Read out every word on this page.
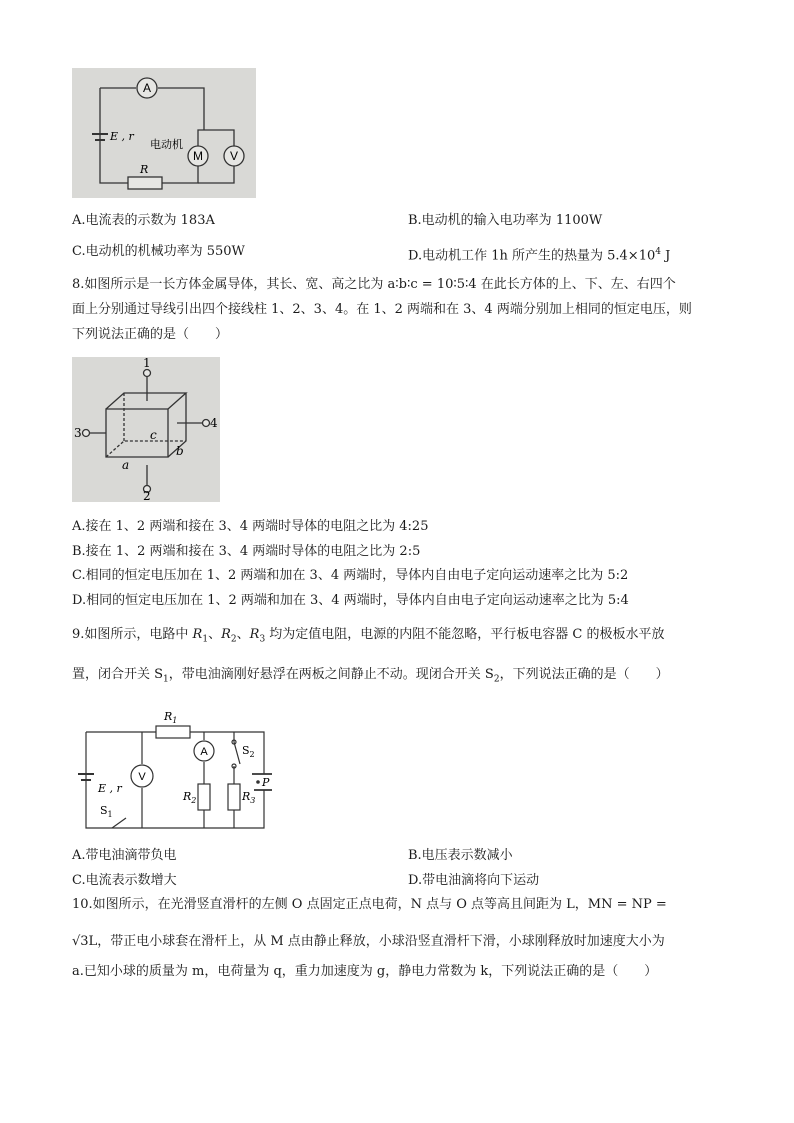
A
M V
E , r
R
电动机
A.电流表的示数为 183A	B.电动机的输入电功率为 1100W
C.电动机的机械功率为 550W	D.电动机工作 1h 所产生的热量为 $5.4\times 10^4$ J
8.如图所示是一长方体金属导体，其长、宽、高之比为 a∶b∶c = 10∶5∶4 在此长方体的上、下、左、右四个
面上分别通过导线引出四个接线柱 1、2、3、4。在 1、2 两端和在 3、4 两端分别加上相同的恒定电压，则
下列说法正确的是（　　）
1
2
3
4
a
b
c
A.接在 1、2 两端和接在 3、4 两端时导体的电阻之比为 4:25
B.接在 1、2 两端和接在 3、4 两端时导体的电阻之比为 2:5
C.相同的恒定电压加在 1、2 两端和加在 3、4 两端时，导体内自由电子定向运动速率之比为 5:2
D.相同的恒定电压加在 1、2 两端和加在 3、4 两端时，导体内自由电子定向运动速率之比为 5:4
9.如图所示，电路中 $R_1$、$R_2$、$R_3$ 均为定值电阻，电源的内阻不能忽略，平行板电容器 C 的极板水平放
置，闭合开关 $S_1$，带电油滴刚好悬浮在两板之间静止不动。现闭合开关 $S_2$，下列说法正确的是（　　）
$R_1$
A
V
$R_2$	$R_3$
E , r
$S_1$
$S_2$
P
A.带电油滴带负电	B.电压表示数减小
C.电流表示数增大	D.带电油滴将向下运动
10.如图所示，在光滑竖直滑杆的左侧 O 点固定正点电荷，N 点与 O 点等高且间距为 L，MN = NP =
√3L，带正电小球套在滑杆上，从 M 点由静止释放，小球沿竖直滑杆下滑，小球刚释放时加速度大小为
a.已知小球的质量为 m，电荷量为 q，重力加速度为 g，静电力常数为 k，下列说法正确的是（　　）
